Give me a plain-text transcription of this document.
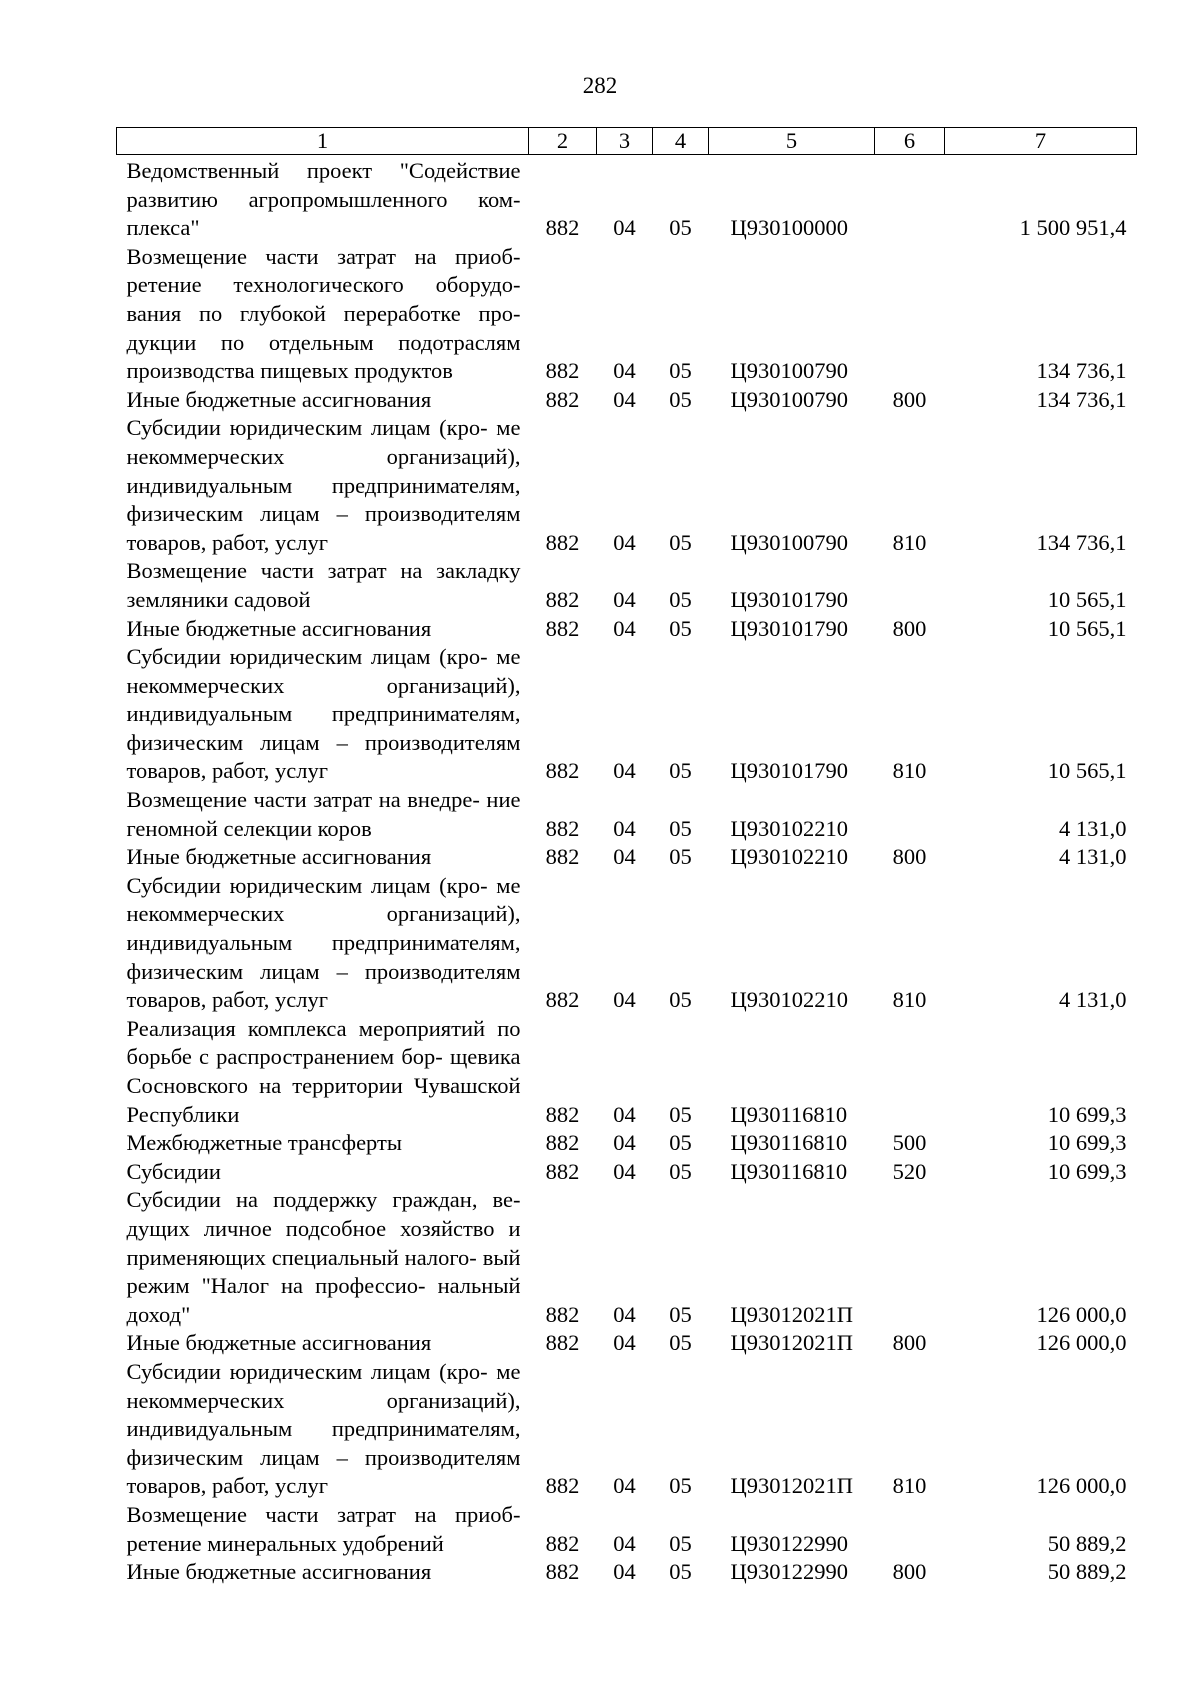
282
1	2	3	4	5	6	7
Ведомственный проект "Содействие развитию агропромышленного ком- плекса"	882	04	05	Ц930100000		1 500 951,4
Возмещение части затрат на приоб- ретение технологического оборудо- вания по глубокой переработке про- дукции по отдельным подотраслям производства пищевых продуктов	882	04	05	Ц930100790		134 736,1
Иные бюджетные ассигнования	882	04	05	Ц930100790	800	134 736,1
Субсидии юридическим лицам (кро- ме некоммерческих организаций), индивидуальным предпринимателям, физическим лицам – производителям товаров, работ, услуг	882	04	05	Ц930100790	810	134 736,1
Возмещение части затрат на закладку земляники садовой	882	04	05	Ц930101790		10 565,1
Иные бюджетные ассигнования	882	04	05	Ц930101790	800	10 565,1
Субсидии юридическим лицам (кро- ме некоммерческих организаций), индивидуальным предпринимателям, физическим лицам – производителям товаров, работ, услуг	882	04	05	Ц930101790	810	10 565,1
Возмещение части затрат на внедре- ние геномной селекции коров	882	04	05	Ц930102210		4 131,0
Иные бюджетные ассигнования	882	04	05	Ц930102210	800	4 131,0
Субсидии юридическим лицам (кро- ме некоммерческих организаций), индивидуальным предпринимателям, физическим лицам – производителям товаров, работ, услуг	882	04	05	Ц930102210	810	4 131,0
Реализация комплекса мероприятий по борьбе с распространением бор- щевика Сосновского на территории Чувашской Республики	882	04	05	Ц930116810		10 699,3
Межбюджетные трансферты	882	04	05	Ц930116810	500	10 699,3
Субсидии	882	04	05	Ц930116810	520	10 699,3
Субсидии на поддержку граждан, ве- дущих личное подсобное хозяйство и применяющих специальный налого- вый режим "Налог на профессио- нальный доход"	882	04	05	Ц93012021П		126 000,0
Иные бюджетные ассигнования	882	04	05	Ц93012021П	800	126 000,0
Субсидии юридическим лицам (кро- ме некоммерческих организаций), индивидуальным предпринимателям, физическим лицам – производителям товаров, работ, услуг	882	04	05	Ц93012021П	810	126 000,0
Возмещение части затрат на приоб- ретение минеральных удобрений	882	04	05	Ц930122990		50 889,2
Иные бюджетные ассигнования	882	04	05	Ц930122990	800	50 889,2
